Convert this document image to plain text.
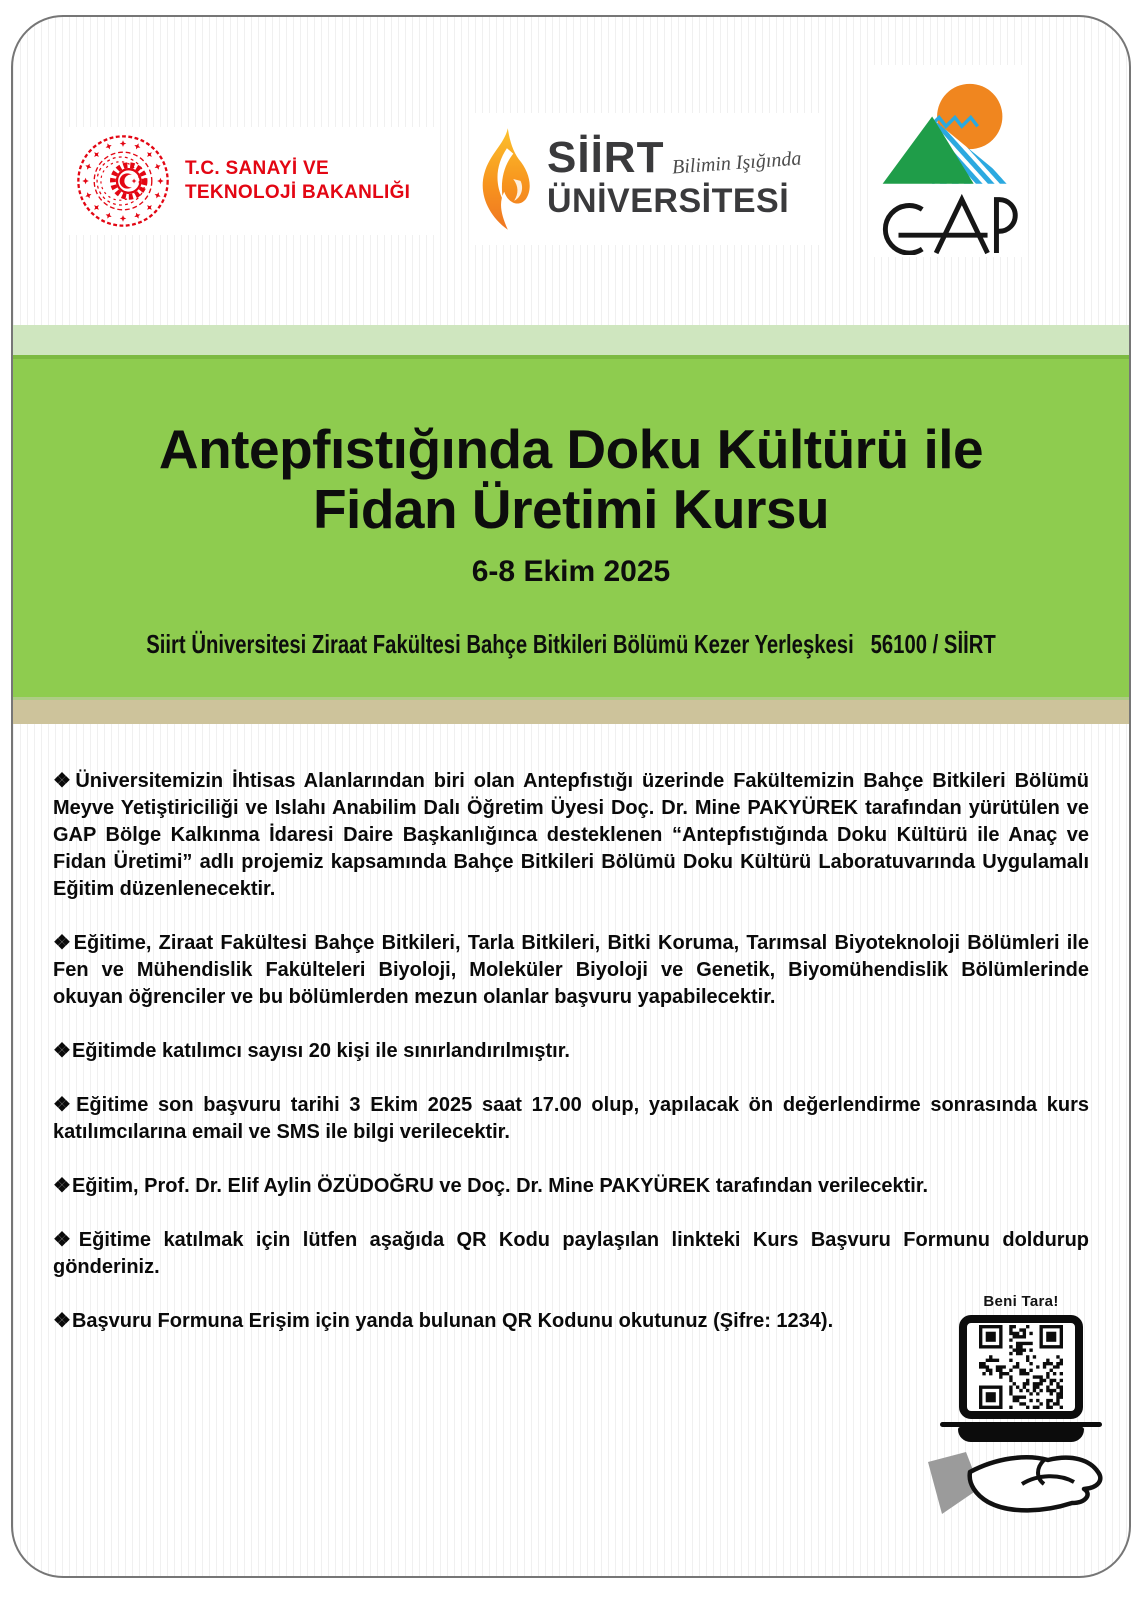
T.C. SANAYİ VE
TEKNOLOJİ BAKANLIĞI
SİİRT Bilimin Işığında
ÜNİVERSİTESİ
Antepfıstığında Doku Kültürü ile
Fidan Üretimi Kursu
6-8 Ekim 2025
Siirt Üniversitesi Ziraat Fakültesi Bahçe Bitkileri Bölümü Kezer Yerleşkesi   56100 / SİİRT

❖Üniversitemizin İhtisas Alanlarından biri olan Antepfıstığı üzerinde Fakültemizin Bahçe Bitkileri Bölümü Meyve Yetiştiriciliği ve Islahı Anabilim Dalı Öğretim Üyesi Doç. Dr. Mine PAKYÜREK tarafından yürütülen ve GAP Bölge Kalkınma İdaresi Daire Başkanlığınca desteklenen “Antepfıstığında Doku Kültürü ile Anaç ve Fidan Üretimi” adlı projemiz kapsamında Bahçe Bitkileri Bölümü Doku Kültürü Laboratuvarında Uygulamalı Eğitim düzenlenecektir.

❖Eğitime, Ziraat Fakültesi Bahçe Bitkileri, Tarla Bitkileri, Bitki Koruma, Tarımsal Biyoteknoloji Bölümleri ile Fen ve Mühendislik Fakülteleri Biyoloji, Moleküler Biyoloji ve Genetik, Biyomühendislik Bölümlerinde okuyan öğrenciler ve bu bölümlerden mezun olanlar başvuru yapabilecektir.

❖Eğitimde katılımcı sayısı 20 kişi ile sınırlandırılmıştır.

❖Eğitime son başvuru tarihi 3 Ekim 2025 saat 17.00 olup, yapılacak ön değerlendirme sonrasında kurs katılımcılarına email ve SMS ile bilgi verilecektir.

❖Eğitim, Prof. Dr. Elif Aylin ÖZÜDOĞRU ve Doç. Dr. Mine PAKYÜREK tarafından verilecektir.

❖Eğitime katılmak için lütfen aşağıda QR Kodu paylaşılan linkteki Kurs Başvuru Formunu doldurup gönderiniz.

❖Başvuru Formuna Erişim için yanda bulunan QR Kodunu okutunuz (Şifre: 1234).

Beni Tara!
